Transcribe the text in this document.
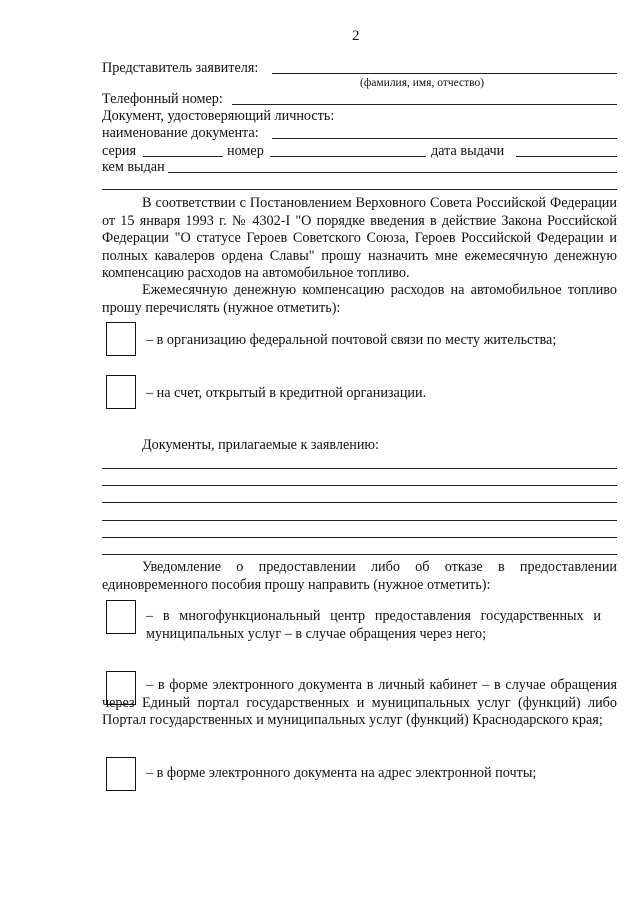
2
Представитель заявителя:
(фамилия, имя, отчество)
Телефонный номер:
Документ, удостоверяющий личность:
наименование документа:
серия	номер	дата выдачи
кем выдан
В соответствии с Постановлением Верховного Совета Российской Федерации от 15 января 1993 г. № 4302-I "О порядке введения в действие Закона Российской Федерации "О статусе Героев Советского Союза, Героев Российской Федерации и полных кавалеров ордена Славы" прошу назначить мне ежемесячную денежную компенсацию расходов на автомобильное топливо.
Ежемесячную денежную компенсацию расходов на автомобильное топливо прошу перечислять (нужное отметить):
– в организацию федеральной почтовой связи по месту жительства;
– на счет, открытый в кредитной организации.
Документы, прилагаемые к заявлению:
Уведомление о предоставлении либо об отказе в предоставлении единовременного пособия прошу направить (нужное отметить):
– в многофункциональный центр предоставления государственных и муниципальных услуг – в случае обращения через него;
– в форме электронного документа в личный кабинет – в случае обращения через Единый портал государственных и муниципальных услуг (функций) либо Портал государственных и муниципальных услуг (функций) Краснодарского края;
– в форме электронного документа на адрес электронной почты;
